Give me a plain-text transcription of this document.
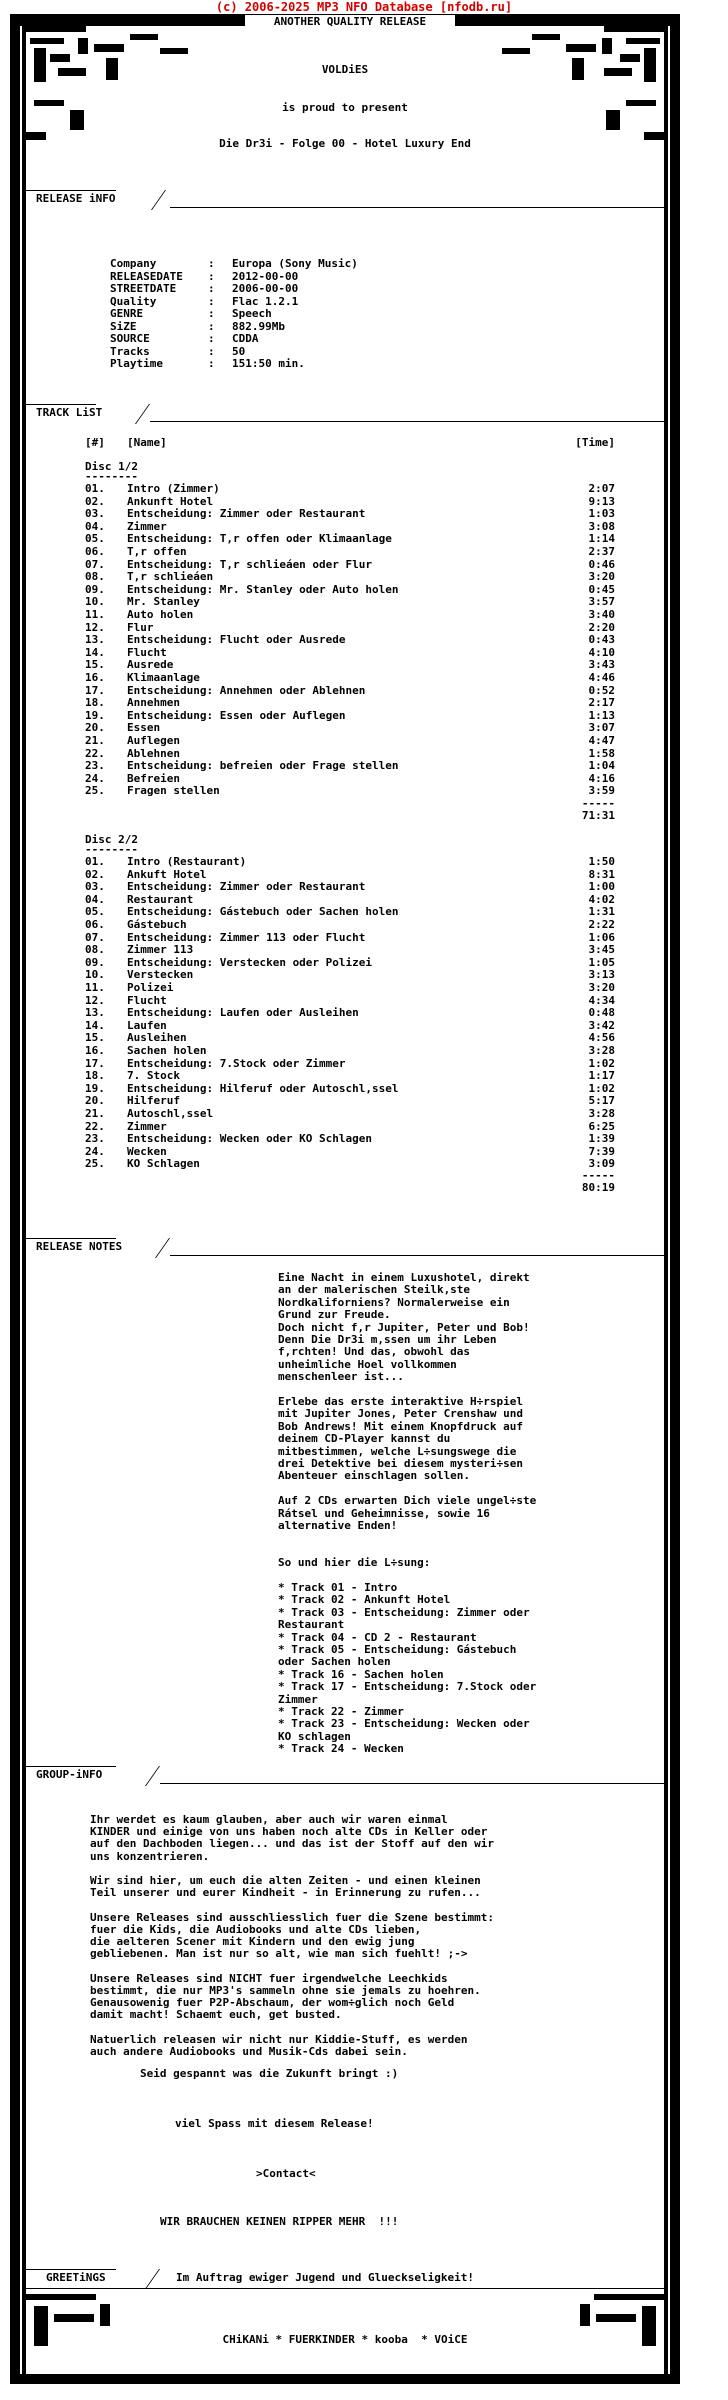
(c) 2006-2025 MP3 NFO Database [nfodb.ru]
ANOTHER QUALITY RELEASE
VOLDiES
is proud to present
Die Dr3i - Folge 00 - Hotel Luxury End
RELEASE iNFO
Company	: Europa (Sony Music)
RELEASEDATE : 2012-00-00
STREETDATE	: 2006-00-00
Quality	: Flac 1.2.1
GENRE	: Speech
SiZE	: 882.99Mb
SOURCE	: CDDA
Tracks	: 50
Playtime	: 151:50 min.
TRACK LiST
[#] [Name]	[Time]
Disc 1/2
--------
01. Intro (Zimmer)	2:07
02. Ankunft Hotel	9:13
03. Entscheidung: Zimmer oder Restaurant	1:03
04. Zimmer	3:08
05. Entscheidung: T‚r offen oder Klimaanlage	1:14
06. T‚r offen	2:37
07. Entscheidung: T‚r schlieáen oder Flur	0:46
08. T‚r schlieáen	3:20
09. Entscheidung: Mr. Stanley oder Auto holen	0:45
10. Mr. Stanley	3:57
11. Auto holen	3:40
12. Flur	2:20
13. Entscheidung: Flucht oder Ausrede	0:43
14. Flucht	4:10
15. Ausrede	3:43
16. Klimaanlage	4:46
17. Entscheidung: Annehmen oder Ablehnen	0:52
18. Annehmen	2:17
19. Entscheidung: Essen oder Auflegen	1:13
20. Essen	3:07
21. Auflegen	4:47
22. Ablehnen	1:58
23. Entscheidung: befreien oder Frage stellen	1:04
24. Befreien	4:16
25. Fragen stellen	3:59
-----
71:31
Disc 2/2
--------
01. Intro (Restaurant)	1:50
02. Ankuft Hotel	8:31
03. Entscheidung: Zimmer oder Restaurant	1:00
04. Restaurant	4:02
05. Entscheidung: Gástebuch oder Sachen holen	1:31
06. Gástebuch	2:22
07. Entscheidung: Zimmer 113 oder Flucht	1:06
08. Zimmer 113	3:45
09. Entscheidung: Verstecken oder Polizei	1:05
10. Verstecken	3:13
11. Polizei	3:20
12. Flucht	4:34
13. Entscheidung: Laufen oder Ausleihen	0:48
14. Laufen	3:42
15. Ausleihen	4:56
16. Sachen holen	3:28
17. Entscheidung: 7.Stock oder Zimmer	1:02
18. 7. Stock	1:17
19. Entscheidung: Hilferuf oder Autoschl‚ssel	1:02
20. Hilferuf	5:17
21. Autoschl‚ssel	3:28
22. Zimmer	6:25
23. Entscheidung: Wecken oder KO Schlagen	1:39
24. Wecken	7:39
25. KO Schlagen	3:09
-----
80:19
RELEASE NOTES
Eine Nacht in einem Luxushotel, direkt
an der malerischen Steilk‚ste
Nordkaliforniens? Normalerweise ein
Grund zur Freude.
Doch nicht f‚r Jupiter, Peter und Bob!
Denn Die Dr3i m‚ssen um ihr Leben
f‚rchten! Und das, obwohl das
unheimliche Hoel vollkommen
menschenleer ist...
Erlebe das erste interaktive H÷rspiel
mit Jupiter Jones, Peter Crenshaw und
Bob Andrews! Mit einem Knopfdruck auf
deinem CD-Player kannst du
mitbestimmen, welche L÷sungswege die
drei Detektive bei diesem mysteri÷sen
Abenteuer einschlagen sollen.
Auf 2 CDs erwarten Dich viele ungel÷ste
Rátsel und Geheimnisse, sowie 16
alternative Enden!
So und hier die L÷sung:
* Track 01 - Intro
* Track 02 - Ankunft Hotel
* Track 03 - Entscheidung: Zimmer oder
Restaurant
* Track 04 - CD 2 - Restaurant
* Track 05 - Entscheidung: Gástebuch
oder Sachen holen
* Track 16 - Sachen holen
* Track 17 - Entscheidung: 7.Stock oder
Zimmer
* Track 22 - Zimmer
* Track 23 - Entscheidung: Wecken oder
KO schlagen
* Track 24 - Wecken
GROUP-iNFO
Ihr werdet es kaum glauben, aber auch wir waren einmal
KINDER und einige von uns haben noch alte CDs in Keller oder
auf den Dachboden liegen... und das ist der Stoff auf den wir
uns konzentrieren.
Wir sind hier, um euch die alten Zeiten - und einen kleinen
Teil unserer und eurer Kindheit - in Erinnerung zu rufen...
Unsere Releases sind ausschliesslich fuer die Szene bestimmt:
fuer die Kids, die Audiobooks und alte CDs lieben,
die aelteren Scener mit Kindern und den ewig jung
gebliebenen. Man ist nur so alt, wie man sich fuehlt! ;->
Unsere Releases sind NICHT fuer irgendwelche Leechkids
bestimmt, die nur MP3's sammeln ohne sie jemals zu hoehren.
Genausowenig fuer P2P-Abschaum, der wom÷glich noch Geld
damit macht! Schaemt euch, get busted.
Natuerlich releasen wir nicht nur Kiddie-Stuff, es werden
auch andere Audiobooks und Musik-Cds dabei sein.
Seid gespannt was die Zukunft bringt :)
viel Spass mit diesem Release!
>Contact<
WIR BRAUCHEN KEINEN RIPPER MEHR  !!!
GREETiNGS	Im Auftrag ewiger Jugend und Glueckseligkeit!
CHiKANi * FUERKINDER * kooba  * VOiCE
